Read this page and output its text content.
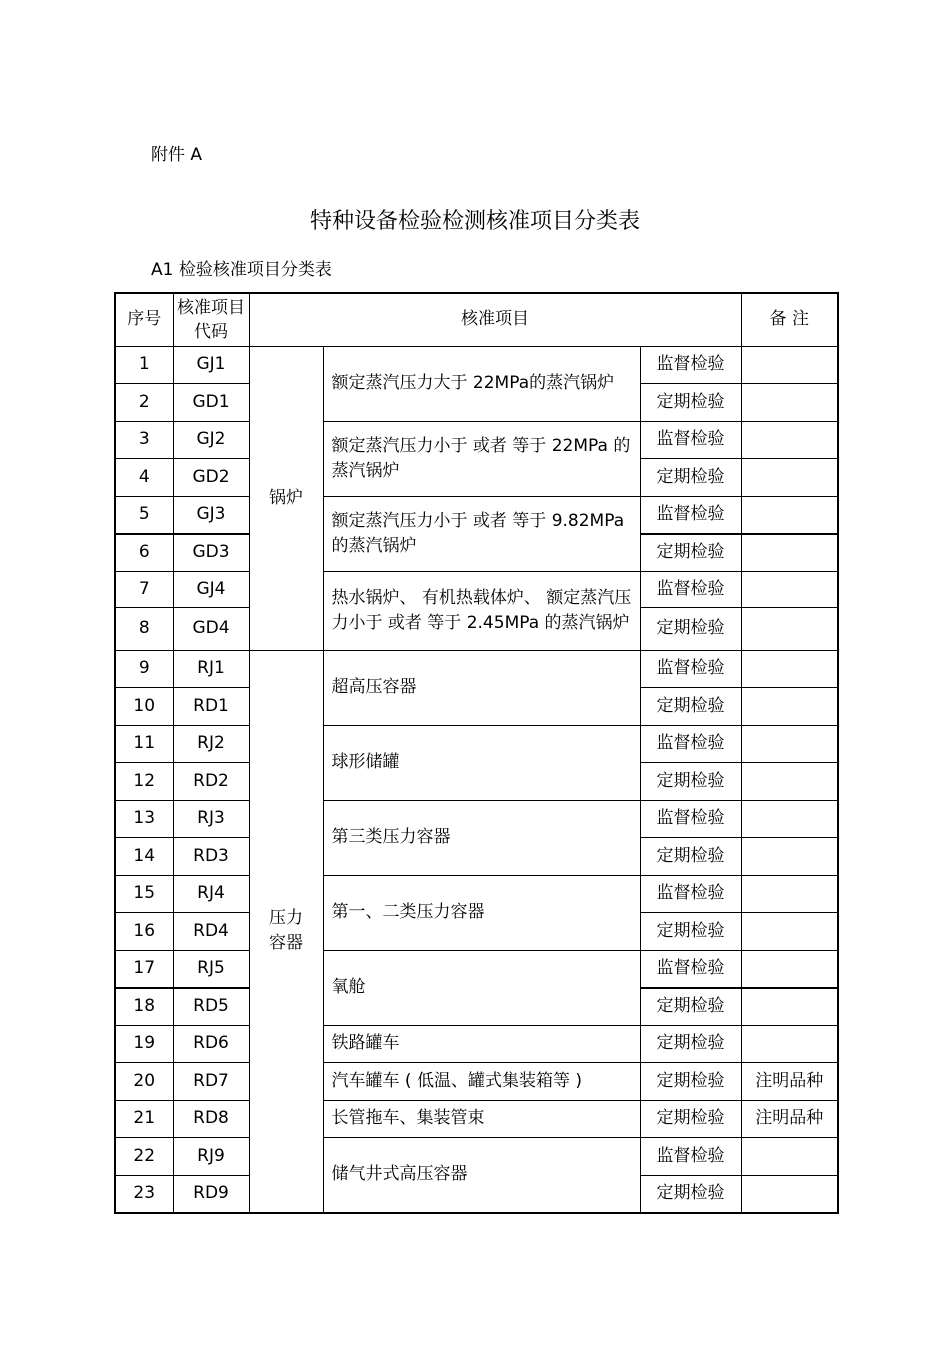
附件 A
特种设备检验检测核准项目分类表
A1 检验核准项目分类表
序号	核准项目代码	核准项目			备 注
1	GJ1	锅炉	额定蒸汽压力大于 22MPa的蒸汽锅炉	监督检验	
2	GD1			定期检验	
3	GJ2		额定蒸汽压力小于 或者 等于 22MPa 的蒸汽锅炉	监督检验	
4	GD2			定期检验	
5	GJ3		额定蒸汽压力小于 或者 等于 9.82MPa 的蒸汽锅炉	监督检验	
6	GD3			定期检验	
7	GJ4		热水锅炉、 有机热载体炉、 额定蒸汽压力小于 或者 等于 2.45MPa 的蒸汽锅炉	监督检验	
8	GD4			定期检验	
9	RJ1	压力容器	超高压容器	监督检验	
10	RD1			定期检验	
11	RJ2		球形储罐	监督检验	
12	RD2			定期检验	
13	RJ3		第三类压力容器	监督检验	
14	RD3			定期检验	
15	RJ4		第一、二类压力容器	监督检验	
16	RD4			定期检验	
17	RJ5		氧舱	监督检验	
18	RD5			定期检验	
19	RD6		铁路罐车	定期检验	
20	RD7		汽车罐车 ( 低温、罐式集装箱等 )	定期检验	注明品种
21	RD8		长管拖车、集装管束	定期检验	注明品种
22	RJ9		储气井式高压容器	监督检验	
23	RD9			定期检验	
